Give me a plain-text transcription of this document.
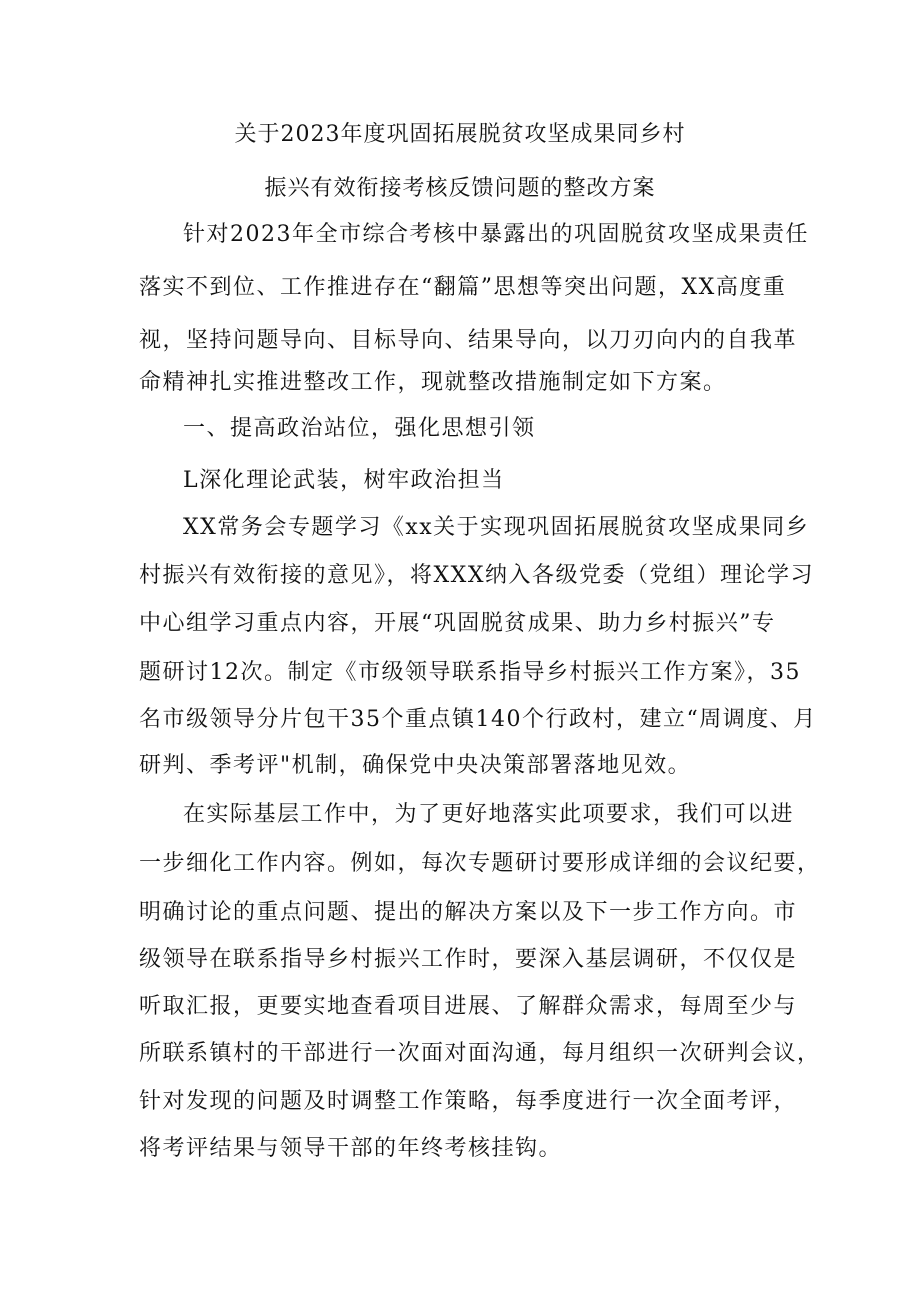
关于2023年度巩固拓展脱贫攻坚成果同乡村
振兴有效衔接考核反馈问题的整改方案
针对2023年全市综合考核中暴露出的巩固脱贫攻坚成果责任
落实不到位、工作推进存在“翻篇”思想等突出问题，XX高度重
视，坚持问题导向、目标导向、结果导向，以刀刃向内的自我革
命精神扎实推进整改工作，现就整改措施制定如下方案。
一、提高政治站位，强化思想引领
L深化理论武装，树牢政治担当
XX常务会专题学习《xx关于实现巩固拓展脱贫攻坚成果同乡
村振兴有效衔接的意见》，将XXX纳入各级党委（党组）理论学习
中心组学习重点内容，开展“巩固脱贫成果、助力乡村振兴”专
题研讨12次。制定《市级领导联系指导乡村振兴工作方案》，35
名市级领导分片包干35个重点镇140个行政村，建立“周调度、月
研判、季考评"机制，确保党中央决策部署落地见效。
在实际基层工作中，为了更好地落实此项要求，我们可以进
一步细化工作内容。例如，每次专题研讨要形成详细的会议纪要，
明确讨论的重点问题、提出的解决方案以及下一步工作方向。市
级领导在联系指导乡村振兴工作时，要深入基层调研，不仅仅是
听取汇报，更要实地查看项目进展、了解群众需求，每周至少与
所联系镇村的干部进行一次面对面沟通，每月组织一次研判会议，
针对发现的问题及时调整工作策略，每季度进行一次全面考评，
将考评结果与领导干部的年终考核挂钩。
